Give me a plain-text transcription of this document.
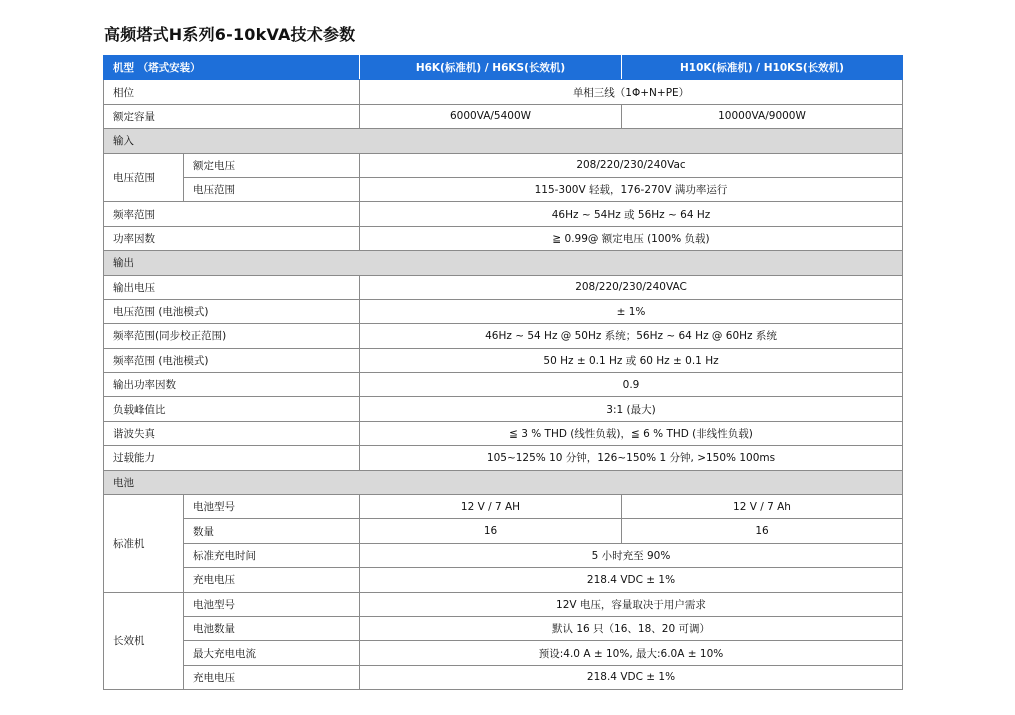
高频塔式H系列6-10kVA技术参数
机型 （塔式安装）		H6K(标准机) / H6KS(长效机)	H10K(标准机) / H10KS(长效机)
相位		单相三线（1Φ+N+PE）	
额定容量		6000VA/5400W	10000VA/9000W
输入			
电压范围	额定电压	208/220/230/240Vac	
	电压范围	115-300V 轻载，176-270V 满功率运行	
频率范围		46Hz ~ 54Hz 或 56Hz ~ 64 Hz	
功率因数		≧ 0.99@ 额定电压 (100% 负载)	
输出			
输出电压		208/220/230/240VAC	
电压范围 (电池模式)		± 1%	
频率范围(同步校正范围)		46Hz ~ 54 Hz @ 50Hz 系统；56Hz ~ 64 Hz @ 60Hz 系统	
频率范围 (电池模式)		50 Hz ± 0.1 Hz 或 60 Hz ± 0.1 Hz	
输出功率因数		0.9	
负载峰值比		3:1 (最大)	
谐波失真		≦ 3 % THD (线性负载)，≦ 6 % THD (非线性负载)	
过载能力		105~125% 10 分钟，126~150% 1 分钟, >150% 100ms	
电池			
标准机	电池型号	12 V / 7 AH	12 V / 7 Ah
	数量	16	16
	标准充电时间	5 小时充至 90%	
	充电电压	218.4 VDC ± 1%	
长效机	电池型号	12V 电压，容量取决于用户需求	
	电池数量	默认 16 只（16、18、20 可调）	
	最大充电电流	预设:4.0 A ± 10%, 最大:6.0A ± 10%	
	充电电压	218.4 VDC ± 1%	
